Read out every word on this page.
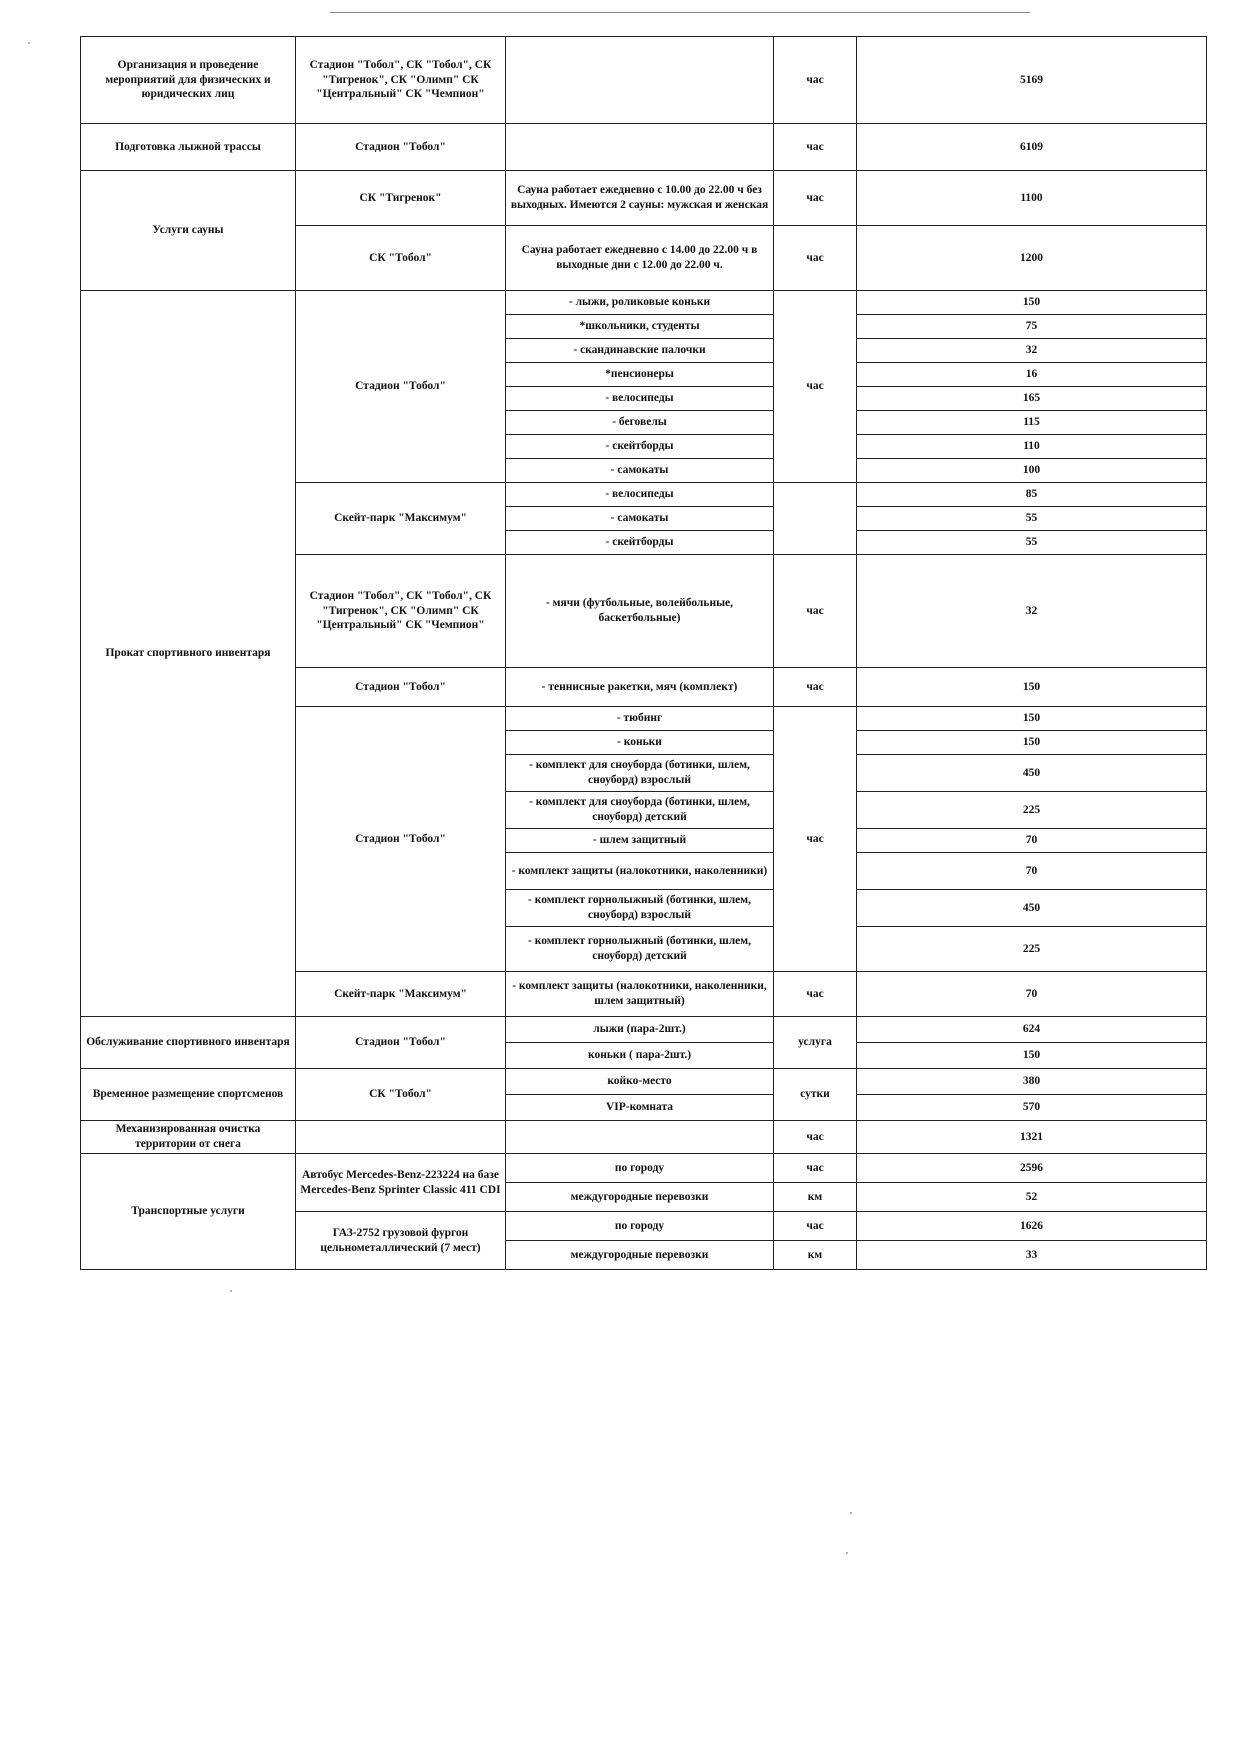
Организация и проведение мероприятий для физических и юридических лиц	Стадион "Тобол", СК "Тобол", СК "Тигренок", СК "Олимп" СК "Центральный" СК "Чемпион"		час	5169
Подготовка лыжной трассы	Стадион "Тобол"		час	6109
Услуги сауны	СК "Тигренок"	Сауна работает ежедневно с 10.00 до 22.00 ч без выходных. Имеются 2 сауны: мужская и женская	час	1100
	СК "Тобол"	Сауна работает ежедневно с 14.00 до 22.00 ч в выходные дни с 12.00 до 22.00 ч.	час	1200
Прокат спортивного инвентаря	Стадион "Тобол"	- лыжи, роликовые коньки	час	150
		*школьники, студенты		75
		- скандинавские палочки		32
		*пенсионеры		16
		- велосипеды		165
		- беговелы		115
		- скейтборды		110
		- самокаты		100
	Скейт-парк "Максимум"	- велосипеды		85
		- самокаты		55
		- скейтборды		55
	Стадион "Тобол", СК "Тобол", СК "Тигренок", СК "Олимп" СК "Центральный" СК "Чемпион"	- мячи (футбольные, волейбольные, баскетбольные)	час	32
	Стадион "Тобол"	- теннисные ракетки, мяч (комплект)	час	150
	Стадион "Тобол"	- тюбинг	час	150
		- коньки		150
		- комплект для сноуборда (ботинки, шлем, сноуборд) взрослый		450
		- комплект для сноуборда (ботинки, шлем, сноуборд) детский		225
		- шлем защитный		70
		- комплект защиты (налокотники, наколенники)		70
		- комплект горнолыжный (ботинки, шлем, сноуборд) взрослый		450
		- комплект горнолыжный (ботинки, шлем, сноуборд) детский		225
	Скейт-парк "Максимум"	- комплект защиты (налокотники, наколенники, шлем защитный)	час	70
Обслуживание спортивного инвентаря	Стадион "Тобол"	лыжи (пара-2шт.)	услуга	624
		коньки ( пара-2шт.)		150
Временное размещение спортсменов	СК "Тобол"	койко-место	сутки	380
		VIP-комната		570
Механизированная очистка территории от снега			час	1321
Транспортные услуги	Автобус Mercedes-Benz-223224 на базе Mercedes-Benz Sprinter Classic 411 CDI	по городу	час	2596
		междугородные перевозки	км	52
	ГАЗ-2752 грузовой фургон цельнометаллический (7 мест)	по городу	час	1626
		междугородные перевозки	км	33
